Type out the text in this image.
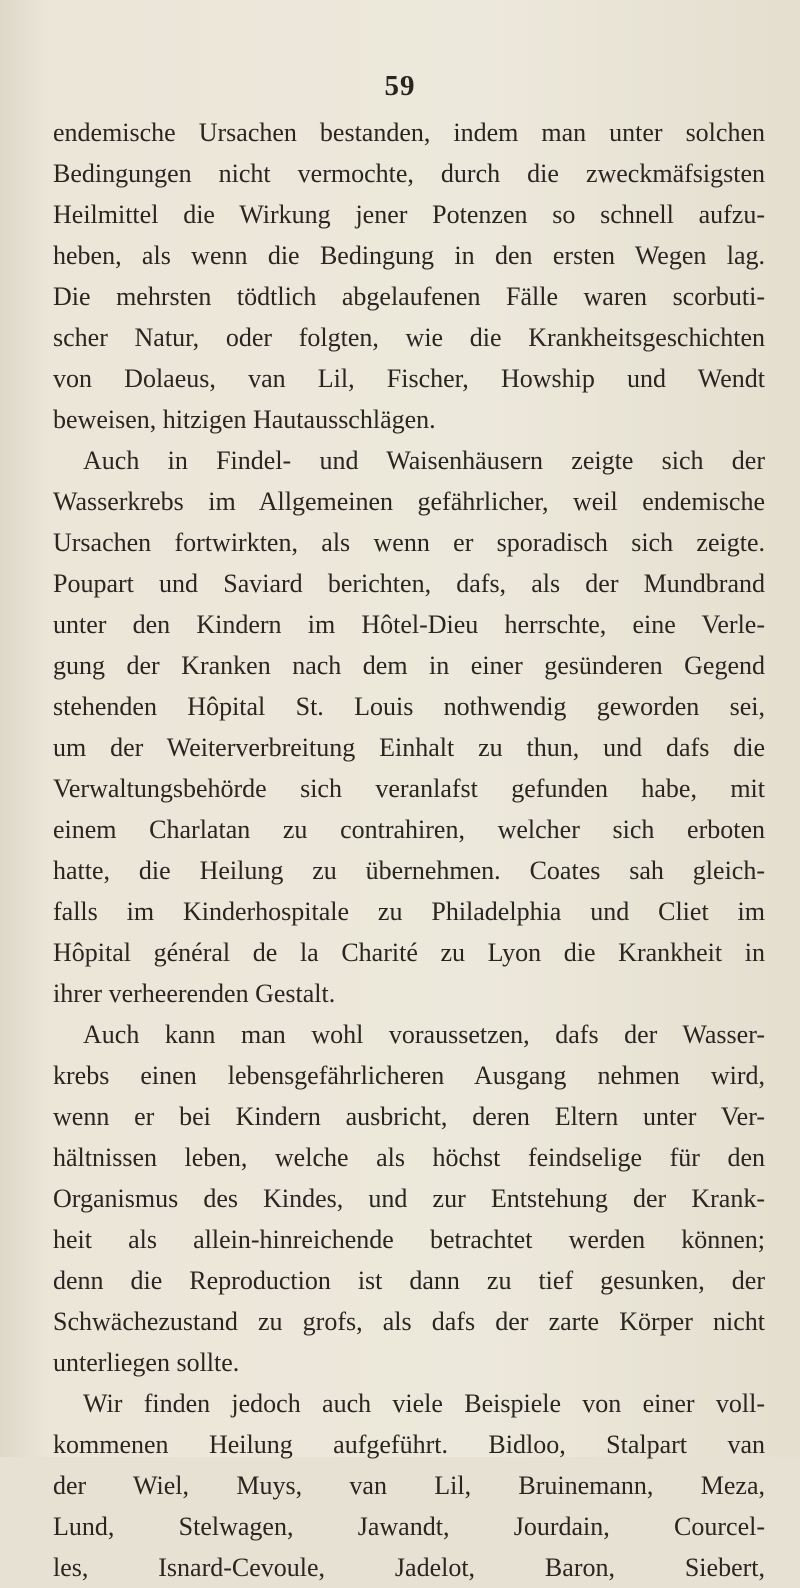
59
endemische Ursachen bestanden, indem man unter solchen
Bedingungen nicht vermochte, durch die zweckmäfsigsten
Heilmittel die Wirkung jener Potenzen so schnell aufzu-
heben, als wenn die Bedingung in den ersten Wegen lag.
Die mehrsten tödtlich abgelaufenen Fälle waren scorbuti-
scher Natur, oder folgten, wie die Krankheitsgeschichten
von Dolaeus, van Lil, Fischer, Howship und Wendt
beweisen, hitzigen Hautausschlägen.
Auch in Findel- und Waisenhäusern zeigte sich der
Wasserkrebs im Allgemeinen gefährlicher, weil endemische
Ursachen fortwirkten, als wenn er sporadisch sich zeigte.
Poupart und Saviard berichten, dafs, als der Mundbrand
unter den Kindern im Hôtel-Dieu herrschte, eine Verle-
gung der Kranken nach dem in einer gesünderen Gegend
stehenden Hôpital St. Louis nothwendig geworden sei,
um der Weiterverbreitung Einhalt zu thun, und dafs die
Verwaltungsbehörde sich veranlafst gefunden habe, mit
einem Charlatan zu contrahiren, welcher sich erboten
hatte, die Heilung zu übernehmen. Coates sah gleich-
falls im Kinderhospitale zu Philadelphia und Cliet im
Hôpital général de la Charité zu Lyon die Krankheit in
ihrer verheerenden Gestalt.
Auch kann man wohl voraussetzen, dafs der Wasser-
krebs einen lebensgefährlicheren Ausgang nehmen wird,
wenn er bei Kindern ausbricht, deren Eltern unter Ver-
hältnissen leben, welche als höchst feindselige für den
Organismus des Kindes, und zur Entstehung der Krank-
heit als allein-hinreichende betrachtet werden können;
denn die Reproduction ist dann zu tief gesunken, der
Schwächezustand zu grofs, als dafs der zarte Körper nicht
unterliegen sollte.
Wir finden jedoch auch viele Beispiele von einer voll-
kommenen Heilung aufgeführt. Bidloo, Stalpart van
der Wiel, Muys, van Lil, Bruinemann, Meza,
Lund, Stelwagen, Jawandt, Jourdain, Courcel-
les, Isnard-Cevoule, Jadelot, Baron, Siebert,
